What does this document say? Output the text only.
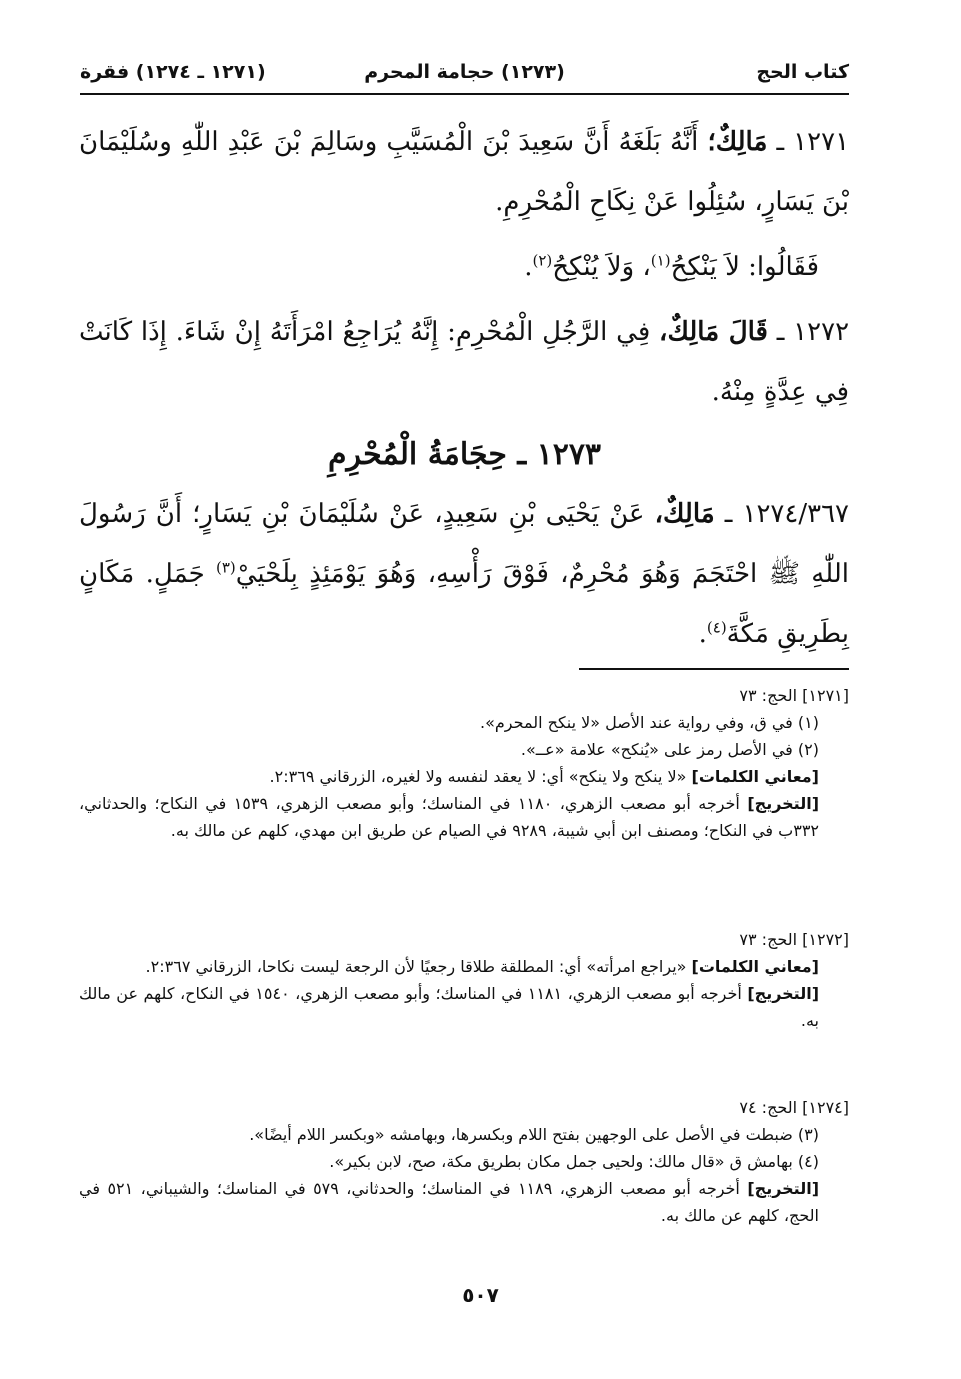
كتاب الحج
(١٢٧٣) حجامة المحرم
(١٢٧١ ـ ١٢٧٤) فقرة

١٢٧١ ـ مَالِكٌ؛ أَنَّهُ بَلَغَهُ أَنَّ سَعِيدَ بْنَ الْمُسَيَّبِ وسَالِمَ بْنَ عَبْدِ اللّٰهِ وسُلَيْمَانَ بْنَ يَسَارٍ، سُئِلُوا عَنْ نِكَاحِ الْمُحْرِمِ.

فَقَالُوا: لاَ يَنْكِحُ$^{(١)}$، وَلاَ يُنْكِحُ$^{(٢)}$.

١٢٧٢ ـ قَالَ مَالِكٌ، فِي الرَّجُلِ الْمُحْرِمِ: إِنَّهُ يُرَاجِعُ امْرَأَتَهُ إِنْ شَاءَ. إِذَا كَانَتْ فِي عِدَّةٍ مِنْهُ.

١٢٧٣ ـ حِجَامَةُ الْمُحْرِمِ

١٢٧٤/٣٦٧ ـ مَالِكٌ، عَنْ يَحْيَى بْنِ سَعِيدٍ، عَنْ سُلَيْمَانَ بْنِ يَسَارٍ؛ أَنَّ رَسُولَ اللّٰهِ ﷺ احْتَجَمَ وَهُوَ مُحْرِمٌ، فَوْقَ رَأْسِهِ، وَهُوَ يَوْمَئِذٍ بِلَحْيَيْ$^{(٣)}$ جَمَلٍ. مَكَانٍ بِطَرِيقِ مَكَّةَ$^{(٤)}$.

[١٢٧١] الحج: ٧٣

(١) في ق، وفي رواية عند الأصل «لا ينكح المحرم».

(٢) في الأصل رمز على «يُنكح» علامة «عــ».

[معاني الكلمات] «لا ينكح ولا ينكح» أي: لا يعقد لنفسه ولا لغيره، الزرقاني ٢:٣٦٩.

[التخريج] أخرجه أبو مصعب الزهري، ١١٨٠ في المناسك؛ وأبو مصعب الزهري، ١٥٣٩ في النكاح؛ والحدثاني، ٣٣٢ب في النكاح؛ ومصنف ابن أبي شيبة، ٩٢٨٩ في الصيام عن طريق ابن مهدي، كلهم عن مالك به.

[١٢٧٢] الحج: ٧٣

[معاني الكلمات] «يراجع امرأته» أي: المطلقة طلاقا رجعيًا لأن الرجعة ليست نكاحا، الزرقاني ٢:٣٦٧.

[التخريج] أخرجه أبو مصعب الزهري، ١١٨١ في المناسك؛ وأبو مصعب الزهري، ١٥٤٠ في النكاح، كلهم عن مالك به.

[١٢٧٤] الحج: ٧٤

(٣) ضبطت في الأصل على الوجهين بفتح اللام وبكسرها، وبهامشه «وبكسر اللام أيضًا».

(٤) بهامش ق «قال مالك: ولحيى جمل مكان بطريق مكة، صح، لابن بكير».

[التخريج] أخرجه أبو مصعب الزهري، ١١٨٩ في المناسك؛ والحدثاني، ٥٧٩ في المناسك؛ والشيباني، ٥٢١ في الحج، كلهم عن مالك به.

٥٠٧
